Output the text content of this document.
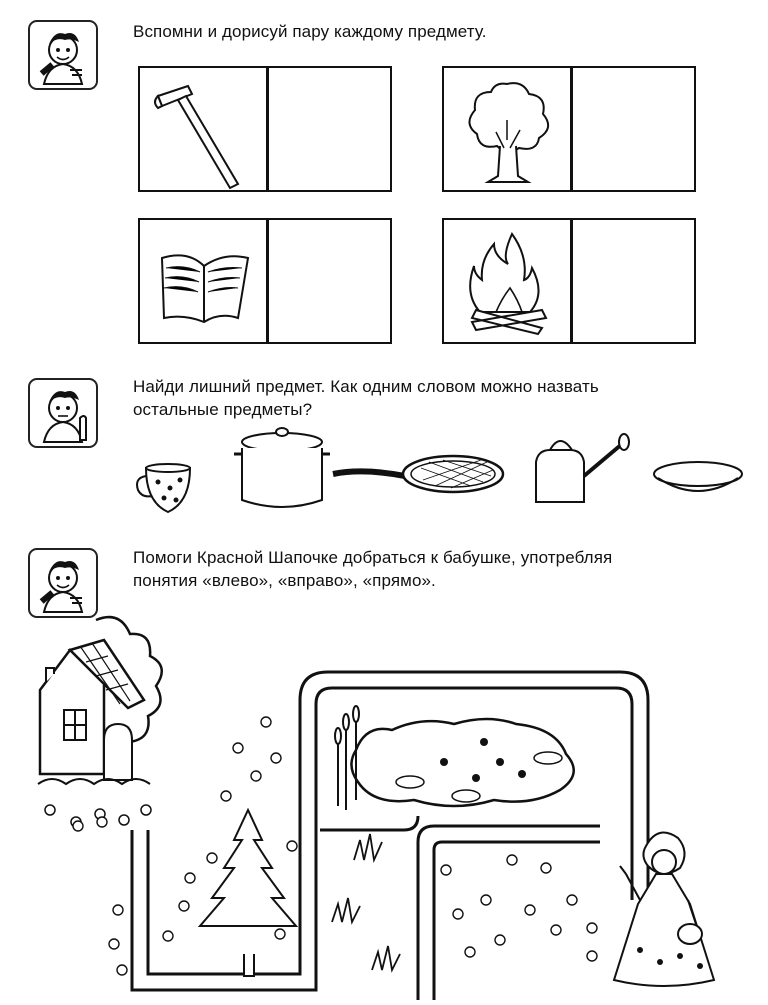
Вспомни и дорисуй пару каждому предмету.
Найди лишний предмет. Как одним словом можно назвать
остальные предметы?
Помоги Красной Шапочке добраться к бабушке, употребляя
понятия «влево», «вправо», «прямо».
